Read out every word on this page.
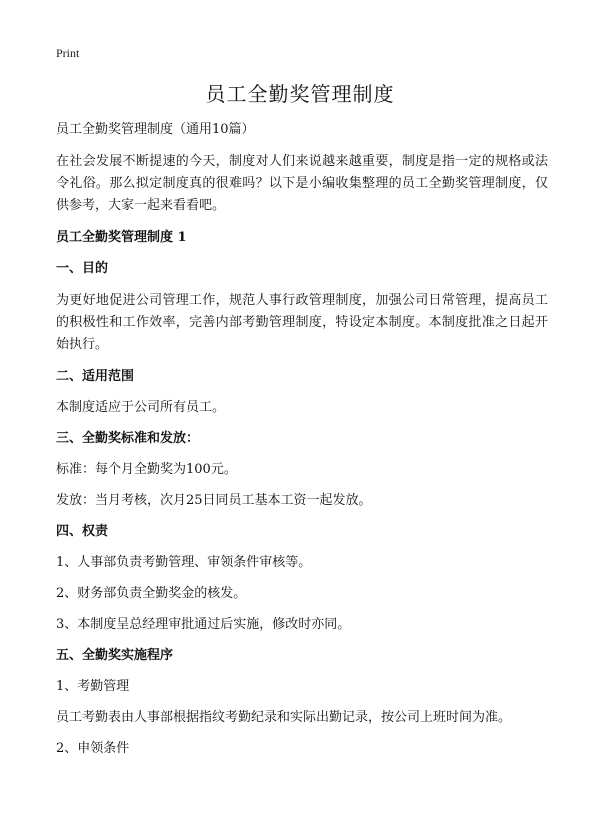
Print
员工全勤奖管理制度

员工全勤奖管理制度（通用10篇）

在社会发展不断提速的今天，制度对人们来说越来越重要，制度是指一定的规格或法令礼俗。那么拟定制度真的很难吗？以下是小编收集整理的员工全勤奖管理制度，仅供参考，大家一起来看看吧。

员工全勤奖管理制度 1

一、目的

为更好地促进公司管理工作，规范人事行政管理制度，加强公司日常管理，提高员工的积极性和工作效率，完善内部考勤管理制度，特设定本制度。本制度批准之日起开始执行。

二、适用范围

本制度适应于公司所有员工。

三、全勤奖标准和发放：

标准：每个月全勤奖为100元。

发放：当月考核，次月25日同员工基本工资一起发放。

四、权责

1、人事部负责考勤管理、审领条件审核等。

2、财务部负责全勤奖金的核发。

3、本制度呈总经理审批通过后实施，修改时亦同。

五、全勤奖实施程序

1、考勤管理

员工考勤表由人事部根据指纹考勤纪录和实际出勤记录，按公司上班时间为准。

2、申领条件
